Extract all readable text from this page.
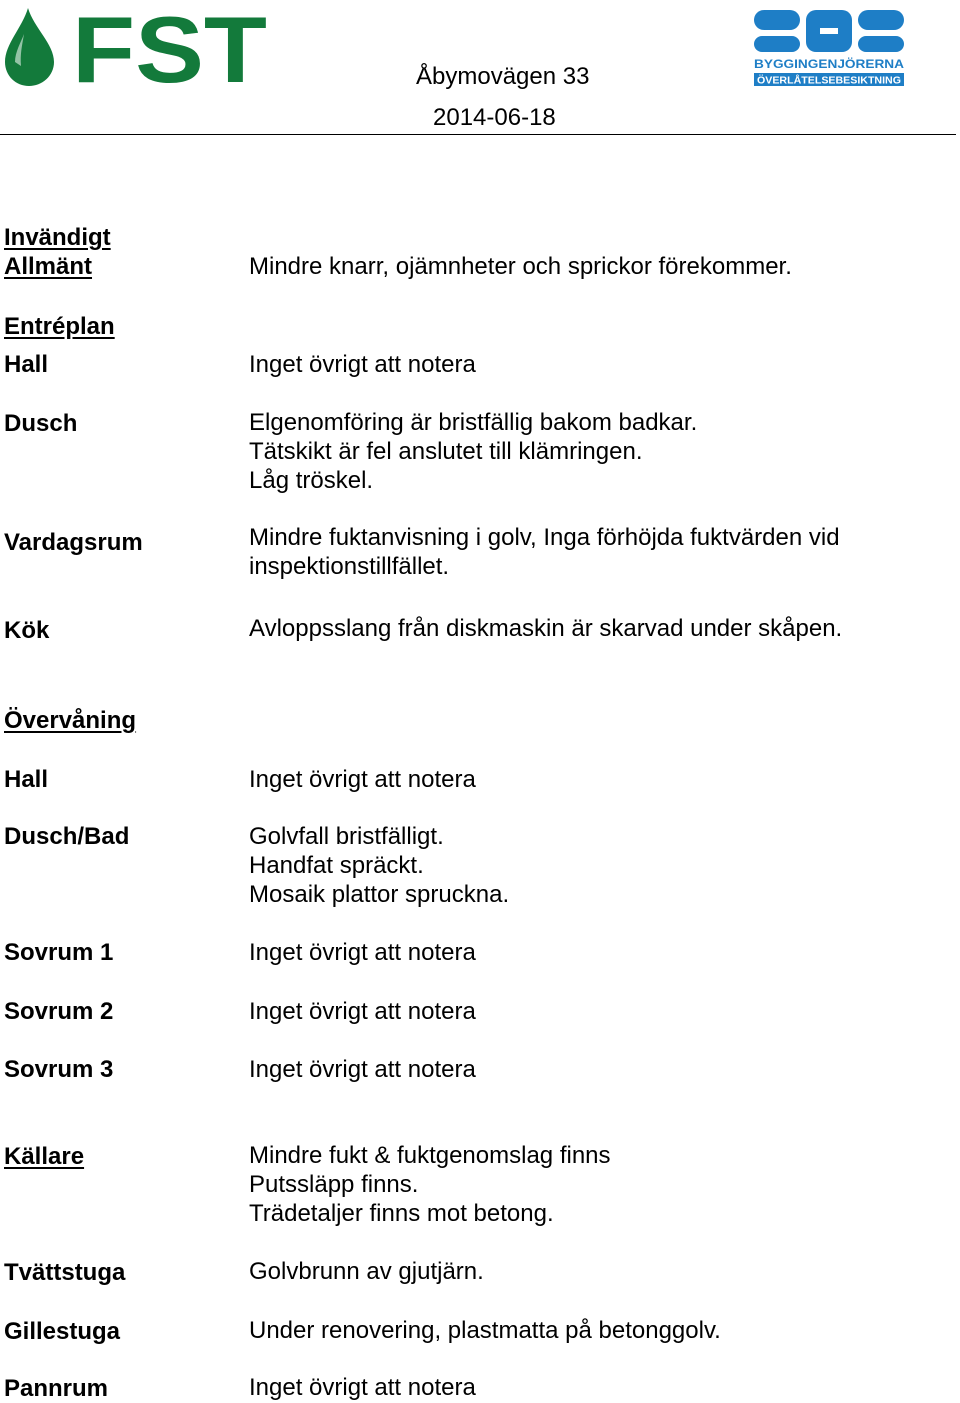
FST	BYGGINGENJÖRERNA
ÖVERLÅTELSEBESIKTNING
Åbymovägen 33
2014-06-18
Invändigt
Allmänt	Mindre knarr, ojämnheter och sprickor förekommer.
Entréplan
Hall	Inget övrigt att notera
Dusch	Elgenomföring är bristfällig bakom badkar.
Tätskikt är fel anslutet till klämringen.
Låg tröskel.
Vardagsrum	Mindre fuktanvisning i golv, Inga förhöjda fuktvärden vid
inspektionstillfället.
Kök	Avloppsslang från diskmaskin är skarvad under skåpen.
Övervåning
Hall	Inget övrigt att notera
Dusch/Bad	Golvfall bristfälligt.
Handfat spräckt.
Mosaik plattor spruckna.
Sovrum 1	Inget övrigt att notera
Sovrum 2	Inget övrigt att notera
Sovrum 3	Inget övrigt att notera
Källare	Mindre fukt & fuktgenomslag finns
Putssläpp finns.
Trädetaljer finns mot betong.
Tvättstuga	Golvbrunn av gjutjärn.
Gillestuga	Under renovering, plastmatta på betonggolv.
Pannrum	Inget övrigt att notera
